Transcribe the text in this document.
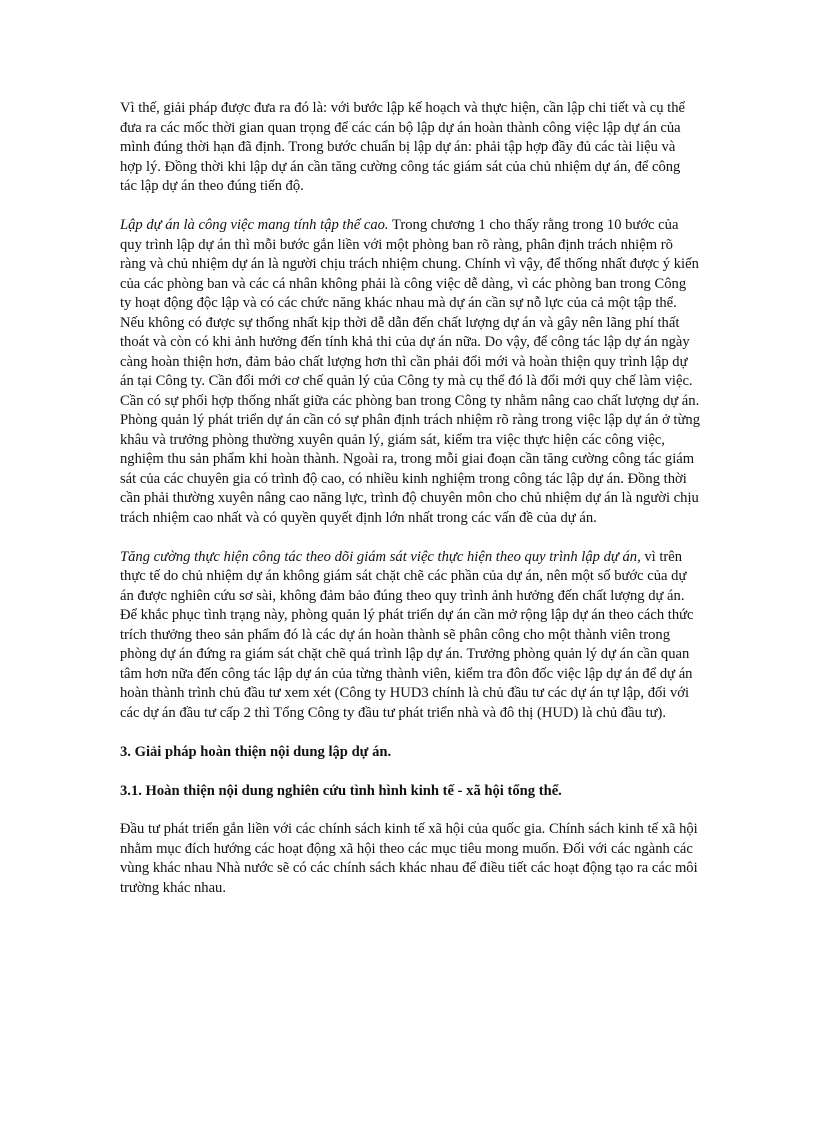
Vì thế, giải pháp được đưa ra đó là: với bước lập kế hoạch và thực hiện, cần lập chi tiết và cụ thể đưa ra các mốc thời gian quan trọng để các cán bộ lập dự án hoàn thành công việc lập dự án của mình đúng thời hạn đã định. Trong bước chuẩn bị lập dự án: phải tập hợp đầy đủ các tài liệu và hợp lý. Đồng thời khi lập dự án cần tăng cường công tác giám sát của chủ nhiệm dự án, để công tác lập dự án theo đúng tiến độ.

Lập dự án là công việc mang tính tập thể cao. Trong chương 1 cho thấy rằng trong 10 bước của quy trình lập dự án thì mỗi bước gắn liền với một phòng ban rõ ràng, phân định trách nhiệm rõ ràng và chủ nhiệm dự án là người chịu trách nhiệm chung. Chính vì vậy, để thống nhất được ý kiến của các phòng ban và các cá nhân không phải là công việc dễ dàng, vì các phòng ban trong Công ty hoạt động độc lập và có các chức năng khác nhau mà dự án cần sự nỗ lực của cả một tập thể. Nếu không có được sự thống nhất kịp thời dễ dẫn đến chất lượng dự án và gây nên lãng phí thất thoát và còn có khi ảnh hưởng đến tính khả thi của dự án nữa. Do vậy, để công tác lập dự án ngày càng hoàn thiện hơn, đảm bảo chất lượng hơn thì cần phải đổi mới và hoàn thiện quy trình lập dự án tại Công ty. Cần đổi mới cơ chế quản lý của Công ty mà cụ thể đó là đổi mới quy chế làm việc. Cần có sự phối hợp thống nhất giữa các phòng ban trong Công ty nhằm nâng cao chất lượng dự án. Phòng quản lý phát triển dự án cần có sự phân định trách nhiệm rõ ràng trong việc lập dự án ở từng khâu và trưởng phòng thường xuyên quản lý, giám sát, kiểm tra việc thực hiện các công việc, nghiệm thu sản phẩm khi hoàn thành. Ngoài ra, trong mỗi giai đoạn cần tăng cường công tác giám sát của các chuyên gia có trình độ cao, có nhiều kinh nghiệm trong công tác lập dự án. Đồng thời cần phải thường xuyên nâng cao năng lực, trình độ chuyên môn cho chủ nhiệm dự án là người chịu trách nhiệm cao nhất và có quyền quyết định lớn nhất trong các vấn đề của dự án.

Tăng cường thực hiện công tác theo dõi giám sát việc thực hiện theo quy trình lập dự án, vì trên thực tế do chủ nhiệm dự án không giám sát chặt chẽ các phần của dự án, nên một số bước của dự án được nghiên cứu sơ sài, không đảm bảo đúng theo quy trình ảnh hưởng đến chất lượng dự án. Để khắc phục tình trạng này, phòng quản lý phát triển dự án cần mở rộng lập dự án theo cách thức trích thưởng theo sản phẩm đó là các dự án hoàn thành sẽ phân công cho một thành viên trong phòng dự án đứng ra giám sát chặt chẽ quá trình lập dự án. Trưởng phòng quản lý dự án cần quan tâm hơn nữa đến công tác lập dự án của từng thành viên, kiểm tra đôn đốc việc lập dự án để dự án hoàn thành trình chủ đầu tư xem xét (Công ty HUD3 chính là chủ đầu tư các dự án tự lập, đối với các dự án đầu tư cấp 2 thì Tổng Công ty đầu tư phát triển nhà và đô thị (HUD) là chủ đầu tư).

3. Giải pháp hoàn thiện nội dung lập dự án.

3.1. Hoàn thiện nội dung nghiên cứu tình hình kinh tế - xã hội tổng thể.

Đầu tư phát triển gắn liền với các chính sách kinh tế xã hội của quốc gia. Chính sách kinh tế xã hội nhằm mục đích hướng các hoạt động xã hội theo các mục tiêu mong muốn. Đối với các ngành các vùng khác nhau Nhà nước sẽ có các chính sách khác nhau để điều tiết các hoạt động tạo ra các môi trường khác nhau.
